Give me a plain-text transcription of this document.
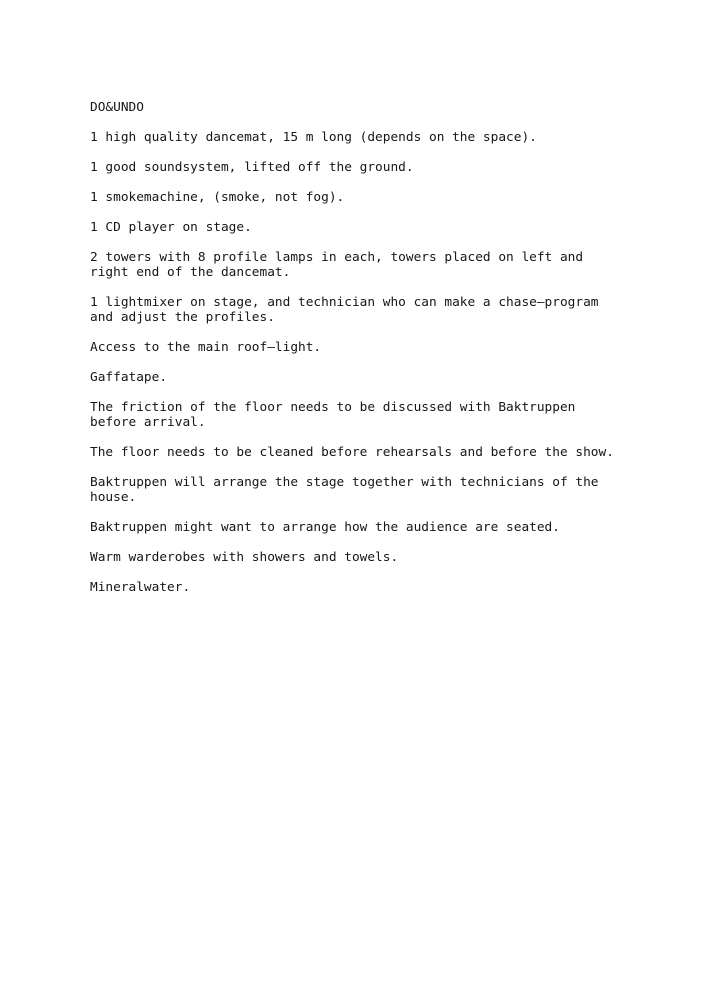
DO&UNDO

1 high quality dancemat, 15 m long (depends on the space).

1 good soundsystem, lifted off the ground.

1 smokemachine, (smoke, not fog).

1 CD player on stage.

2 towers with 8 profile lamps in each, towers placed on left and right end of the dancemat.

1 lightmixer on stage, and technician who can make a chase–program and adjust the profiles.

Access to the main roof–light.

Gaffatape.

The friction of the floor needs to be discussed with Baktruppen before arrival.

The floor needs to be cleaned before rehearsals and before the show.

Baktruppen will arrange the stage together with technicians of the house.

Baktruppen might want to arrange how the audience are seated.

Warm warderobes with showers and towels.

Mineralwater.
